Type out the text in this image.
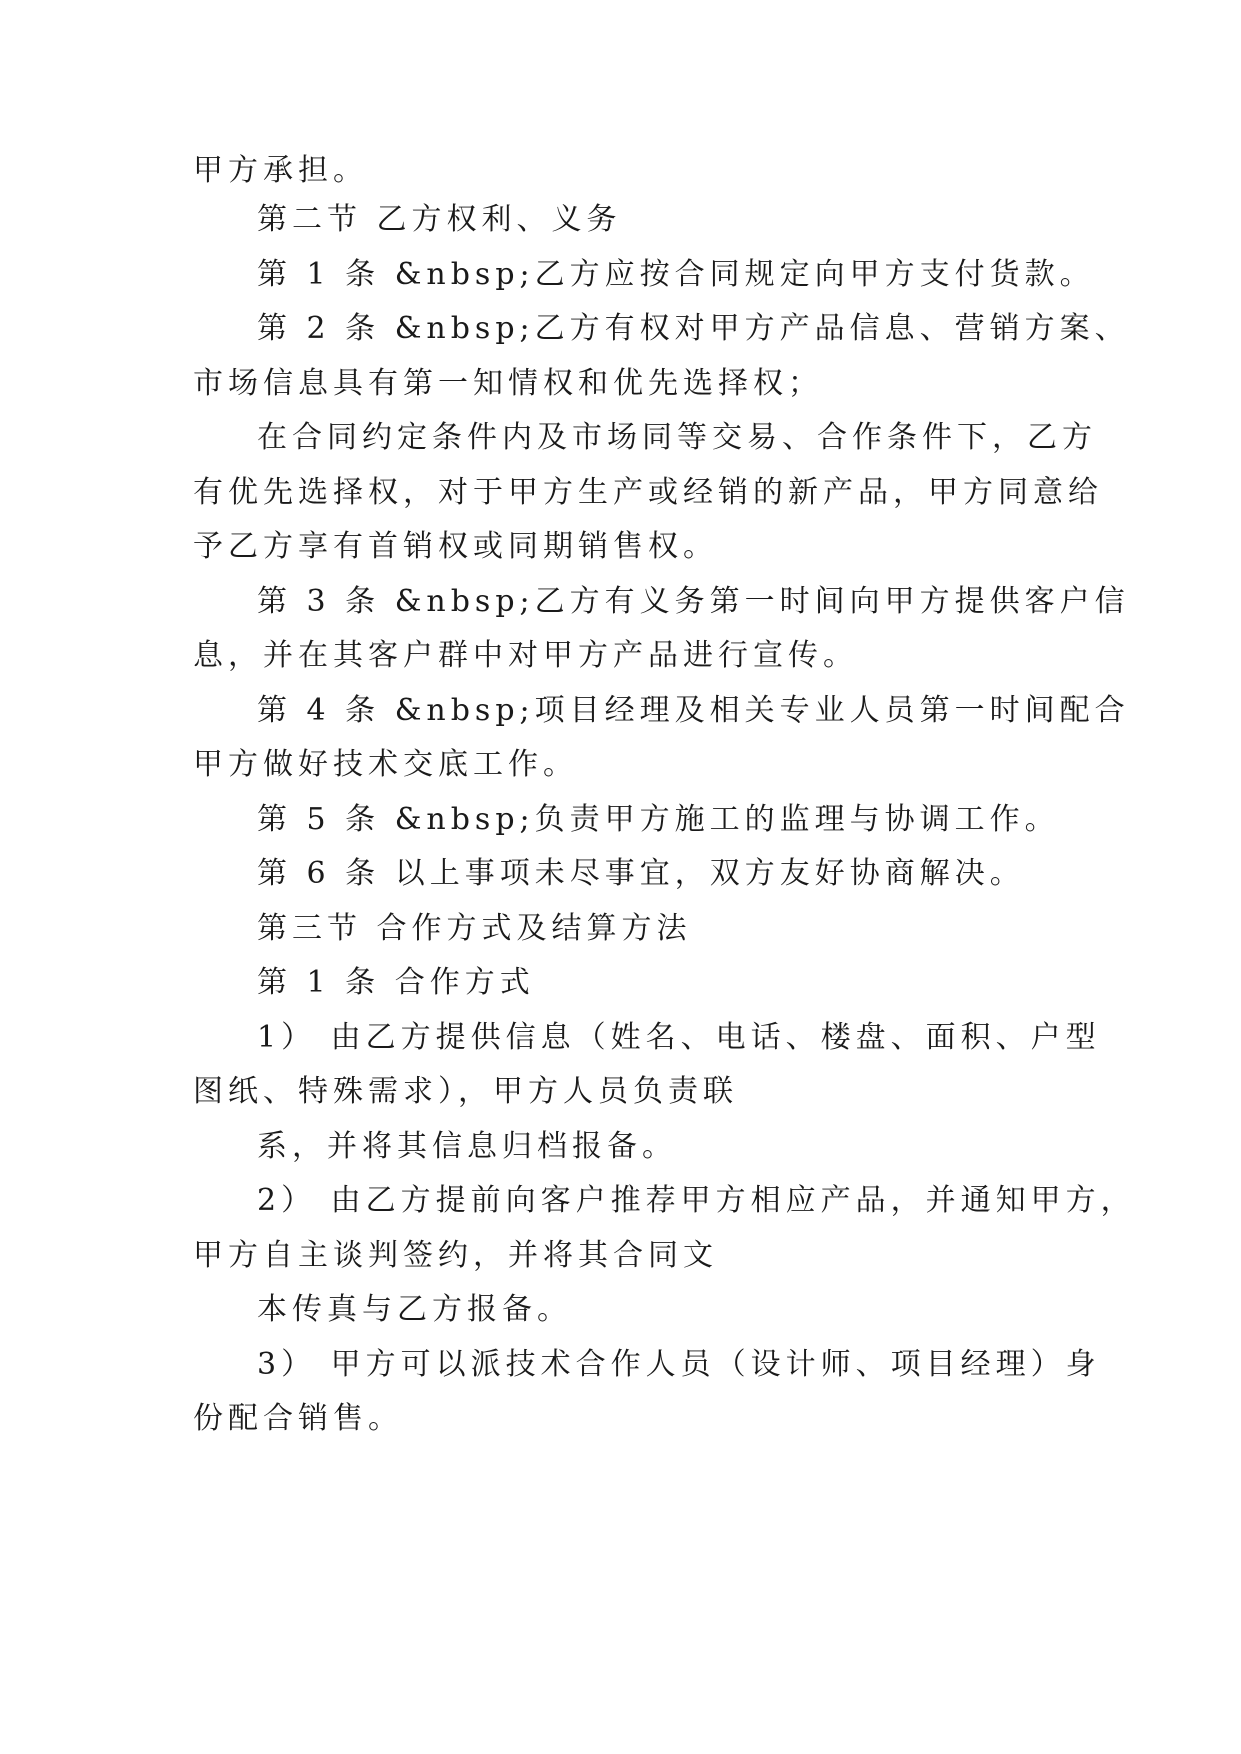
甲方承担。
第二节 乙方权利、义务
第 1 条 &nbsp;乙方应按合同规定向甲方支付货款。
第 2 条 &nbsp;乙方有权对甲方产品信息、营销方案、
市场信息具有第一知情权和优先选择权；
在合同约定条件内及市场同等交易、合作条件下，乙方
有优先选择权，对于甲方生产或经销的新产品，甲方同意给
予乙方享有首销权或同期销售权。
第 3 条 &nbsp;乙方有义务第一时间向甲方提供客户信
息，并在其客户群中对甲方产品进行宣传。
第 4 条 &nbsp;项目经理及相关专业人员第一时间配合
甲方做好技术交底工作。
第 5 条 &nbsp;负责甲方施工的监理与协调工作。
第 6 条 以上事项未尽事宜，双方友好协商解决。
第三节 合作方式及结算方法
第 1 条 合作方式
1） 由乙方提供信息（姓名、电话、楼盘、面积、户型
图纸、特殊需求），甲方人员负责联
系，并将其信息归档报备。
2） 由乙方提前向客户推荐甲方相应产品，并通知甲方，
甲方自主谈判签约，并将其合同文
本传真与乙方报备。
3） 甲方可以派技术合作人员（设计师、项目经理）身
份配合销售。
